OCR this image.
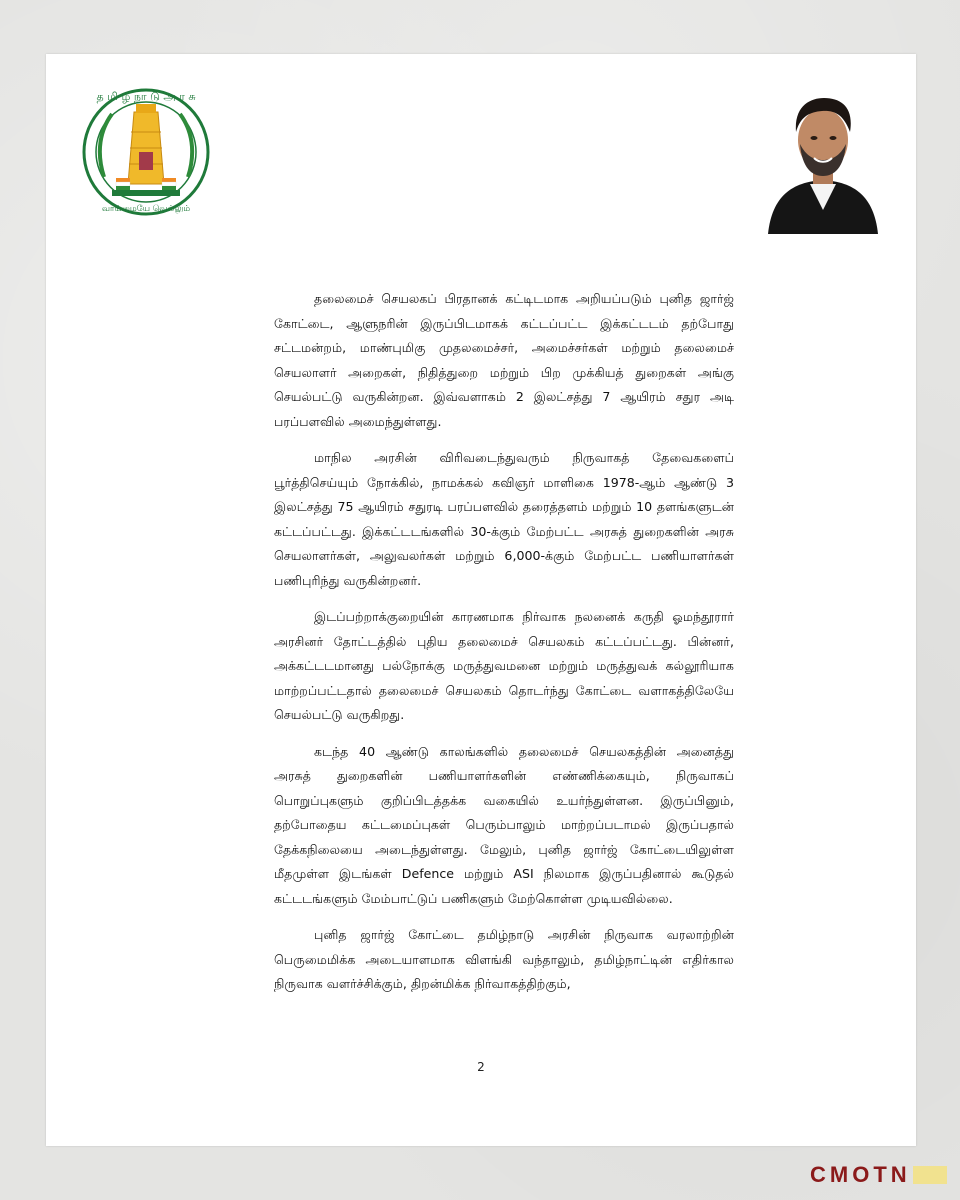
த மி ழ் நா டு அ ர சு
வாய்மையே வெல்லும்

தலைமைச் செயலகப் பிரதானக் கட்டிடமாக அறியப்படும் புனித ஜார்ஜ் கோட்டை, ஆளுநரின் இருப்பிடமாகக் கட்டப்பட்ட இக்கட்டடம் தற்போது சட்டமன்றம், மாண்புமிகு முதலமைச்சர், அமைச்சர்கள் மற்றும் தலைமைச் செயலாளர் அறைகள், நிதித்துறை மற்றும் பிற முக்கியத் துறைகள் அங்கு செயல்பட்டு வருகின்றன. இவ்வளாகம் 2 இலட்சத்து 7 ஆயிரம் சதுர அடி பரப்பளவில் அமைந்துள்ளது.

மாநில அரசின் விரிவடைந்துவரும் நிருவாகத் தேவைகளைப் பூர்த்திசெய்யும் நோக்கில், நாமக்கல் கவிஞர் மாளிகை 1978-ஆம் ஆண்டு 3 இலட்சத்து 75 ஆயிரம் சதுரடி பரப்பளவில் தரைத்தளம் மற்றும் 10 தளங்களுடன் கட்டப்பட்டது. இக்கட்டடங்களில் 30-க்கும் மேற்பட்ட அரசுத் துறைகளின் அரசு செயலாளர்கள், அலுவலர்கள் மற்றும் 6,000-க்கும் மேற்பட்ட பணியாளர்கள் பணிபுரிந்து வருகின்றனர்.

இடப்பற்றாக்குறையின் காரணமாக நிர்வாக நலனைக் கருதி ஓமந்தூரார் அரசினர் தோட்டத்தில் புதிய தலைமைச் செயலகம் கட்டப்பட்டது. பின்னர், அக்கட்டடமானது பல்நோக்கு மருத்துவமனை மற்றும் மருத்துவக் கல்லூரியாக மாற்றப்பட்டதால் தலைமைச் செயலகம் தொடர்ந்து கோட்டை வளாகத்திலேயே செயல்பட்டு வருகிறது.

கடந்த 40 ஆண்டு காலங்களில் தலைமைச் செயலகத்தின் அனைத்து அரசுத் துறைகளின் பணியாளர்களின் எண்ணிக்கையும், நிருவாகப் பொறுப்புகளும் குறிப்பிடத்தக்க வகையில் உயர்ந்துள்ளன. இருப்பினும், தற்போதைய கட்டமைப்புகள் பெரும்பாலும் மாற்றப்படாமல் இருப்பதால் தேக்கநிலையை அடைந்துள்ளது. மேலும், புனித ஜார்ஜ் கோட்டையிலுள்ள மீதமுள்ள இடங்கள் Defence மற்றும் ASI நிலமாக இருப்பதினால் கூடுதல் கட்டடங்களும் மேம்பாட்டுப் பணிகளும் மேற்கொள்ள முடியவில்லை.

புனித ஜார்ஜ் கோட்டை தமிழ்நாடு அரசின் நிருவாக வரலாற்றின் பெருமைமிக்க அடையாளமாக விளங்கி வந்தாலும், தமிழ்நாட்டின் எதிர்கால நிருவாக வளர்ச்சிக்கும், திறன்மிக்க நிர்வாகத்திற்கும்,

2
CMOTN
